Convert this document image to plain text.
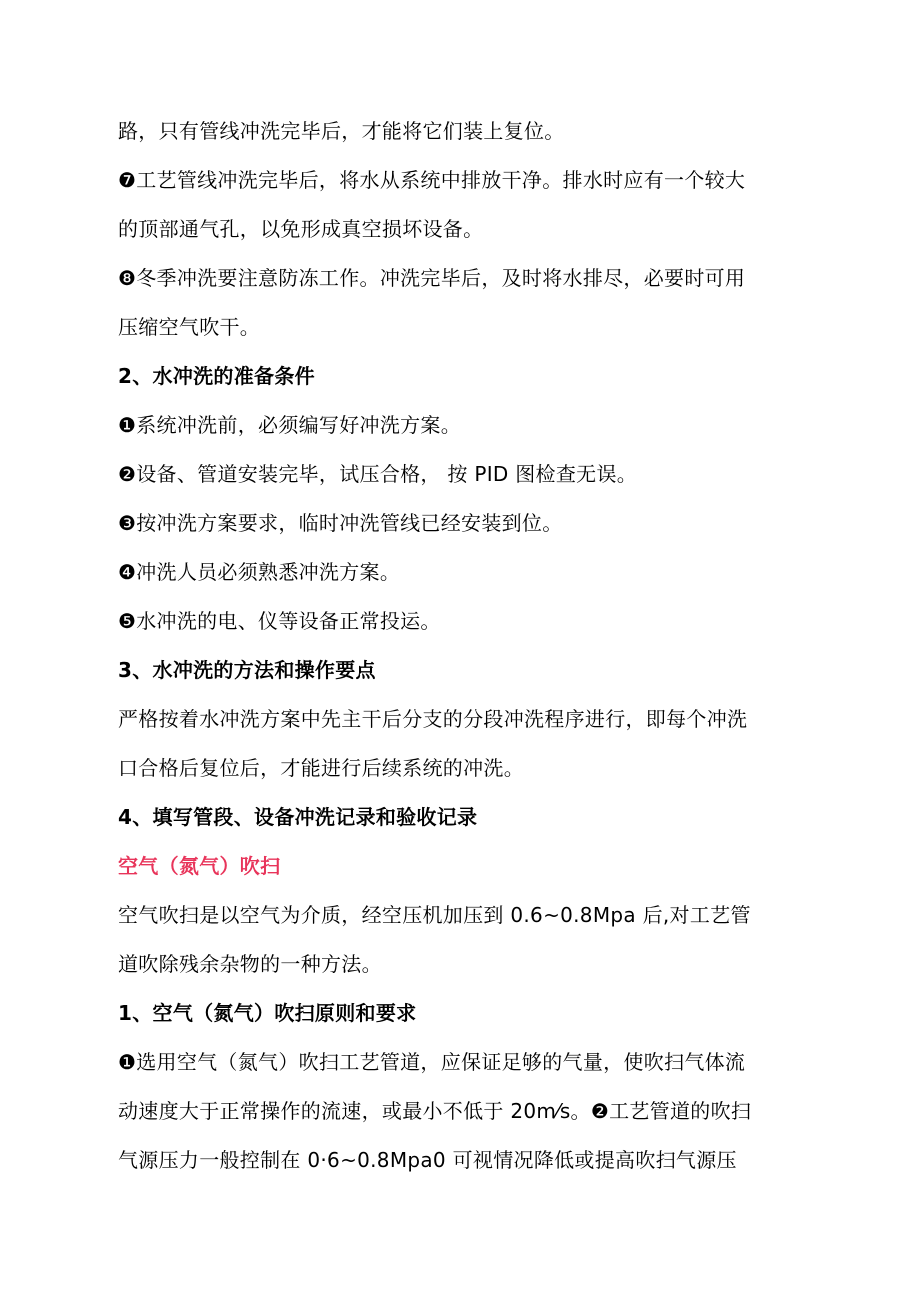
路，只有管线冲洗完毕后，才能将它们装上复位。
❼工艺管线冲洗完毕后，将水从系统中排放干净。排水时应有一个较大
的顶部通气孔，以免形成真空损坏设备。
❽冬季冲洗要注意防冻工作。冲洗完毕后，及时将水排尽，必要时可用
压缩空气吹干。
2、水冲洗的准备条件
❶系统冲洗前，必须编写好冲洗方案。
❷设备、管道安装完毕，试压合格， 按 PID 图检查无误。
❸按冲洗方案要求，临时冲洗管线已经安装到位。
❹冲洗人员必须熟悉冲洗方案。
❺水冲洗的电、仪等设备正常投运。
3、水冲洗的方法和操作要点
严格按着水冲洗方案中先主干后分支的分段冲洗程序进行，即每个冲洗
口合格后复位后，才能进行后续系统的冲洗。
4、填写管段、设备冲洗记录和验收记录
空气（氮气）吹扫
空气吹扫是以空气为介质，经空压机加压到 0.6~0.8Mpa 后,对工艺管
道吹除残余杂物的一种方法。
1、空气（氮气）吹扫原则和要求
❶选用空气（氮气）吹扫工艺管道，应保证足够的气量，使吹扫气体流
动速度大于正常操作的流速，或最小不低于 20m⁄s。❷工艺管道的吹扫
气源压力一般控制在 0·6~0.8Mpa0 可视情况降低或提高吹扫气源压
